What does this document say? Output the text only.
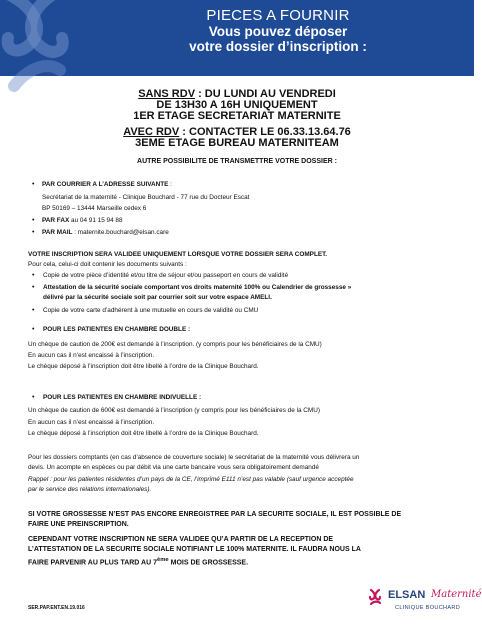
PIECES A FOURNIR
Vous pouvez déposer
votre dossier d’inscription :
SANS RDV : DU LUNDI AU VENDREDI
DE 13H30 A 16H UNIQUEMENT
1ER ETAGE SECRETARIAT MATERNITE
AVEC RDV : CONTACTER LE 06.33.13.64.76
3EME ETAGE BUREAU MATERNITEAM
AUTRE POSSIBILITE DE TRANSMETTRE VOTRE DOSSIER :
• PAR COURRIER A L’ADRESSE SUIVANTE :
Secrétariat de la maternité - Clinique Bouchard - 77 rue du Docteur Escat
BP 50169 – 13444 Marseille cedex 6
• PAR FAX au 04 91 15 94 88
• PAR MAIL : maternite.bouchard@elsan.care
VOTRE INSCRIPTION SERA VALIDEE UNIQUEMENT LORSQUE VOTRE DOSSIER SERA COMPLET.
Pour cela, celui-ci doit contenir les documents suivants :
• Copie de votre pièce d’identité et/ou titre de séjour et/ou passeport en cours de validité
• Attestation de la sécurité sociale comportant vos droits maternité 100% ou Calendrier de grossesse »
délivré par la sécurité sociale soit par courrier soit sur votre espace AMELI.
• Copie de votre carte d’adhérent à une mutuelle en cours de validité ou CMU
• POUR LES PATIENTES EN CHAMBRE DOUBLE :
Un chèque de caution de 200€ est demandé à l’inscription. (y compris pour les bénéficiaires de la CMU)
En aucun cas il n’est encaissé à l’inscription.
Le chèque déposé à l’inscription doit être libellé à l’ordre de la Clinique Bouchard.
• POUR LES PATIENTES EN CHAMBRE INDIVUELLE :
Un chèque de caution de 600€ est demandé à l’inscription (y compris pour les bénéficiaires de la CMU)
En aucun cas il n’est encaissé à l’inscription.
Le chèque déposé à l’inscription doit être libellé à l’ordre de la Clinique Bouchard.
Pour les dossiers comptants (en cas d’absence de couverture sociale) le secrétariat de la maternité vous délivrera un
devis. Un acompte en espèces ou par débit via une carte bancaire vous sera obligatoirement demandé
Rappel : pour les patientes résidentes d’un pays de la CE, l’imprimé E111 n’est pas valable (sauf urgence acceptée
par le service des relations internationales).
SI VOTRE GROSSESSE N’EST PAS ENCORE ENREGISTREE PAR LA SECURITE SOCIALE, IL EST POSSIBLE DE
FAIRE UNE PREINSCRIPTION.
CEPENDANT VOTRE INSCRIPTION NE SERA VALIDEE QU’A PARTIR DE LA RECEPTION DE
L’ATTESTATION DE LA SECURITE SOCIALE NOTIFIANT LE 100% MATERNITE. IL FAUDRA NOUS LA
FAIRE PARVENIR AU PLUS TARD AU 7ème MOIS DE GROSSESSE.
SER.PAP.ENT.EN.19.016
ELSAN Maternité
CLINIQUE BOUCHARD
